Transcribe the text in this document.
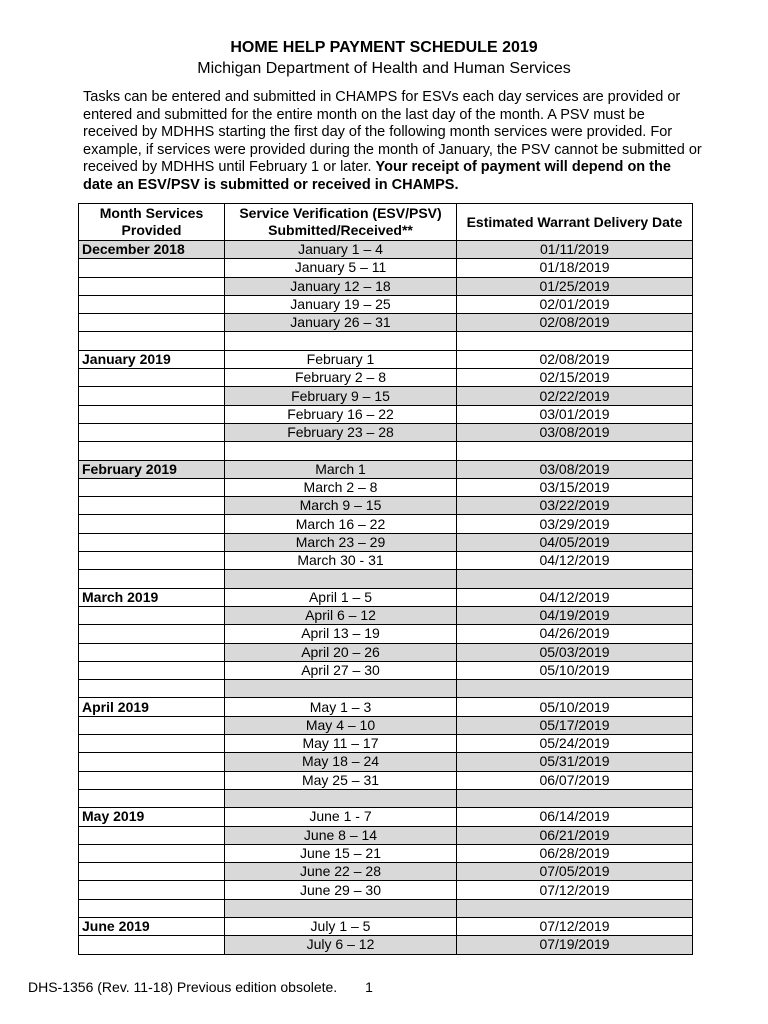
HOME HELP PAYMENT SCHEDULE 2019
Michigan Department of Health and Human Services
Tasks can be entered and submitted in CHAMPS for ESVs each day services are provided or entered and submitted for the entire month on the last day of the month. A PSV must be received by MDHHS starting the first day of the following month services were provided. For example, if services were provided during the month of January, the PSV cannot be submitted or received by MDHHS until February 1 or later. Your receipt of payment will depend on the date an ESV/PSV is submitted or received in CHAMPS.
Month Services Provided	Service Verification (ESV/PSV) Submitted/Received**	Estimated Warrant Delivery Date
December 2018	January 1 – 4	01/11/2019
	January 5 – 11	01/18/2019
	January 12 – 18	01/25/2019
	January 19 – 25	02/01/2019
	January 26 – 31	02/08/2019

January 2019	February 1	02/08/2019
	February 2 – 8	02/15/2019
	February 9 – 15	02/22/2019
	February 16 – 22	03/01/2019
	February 23 – 28	03/08/2019

February 2019	March 1	03/08/2019
	March 2 – 8	03/15/2019
	March 9 – 15	03/22/2019
	March 16 – 22	03/29/2019
	March 23 – 29	04/05/2019
	March 30 - 31	04/12/2019

March 2019	April 1 – 5	04/12/2019
	April 6 – 12	04/19/2019
	April 13 – 19	04/26/2019
	April 20 – 26	05/03/2019
	April 27 – 30	05/10/2019

April 2019	May 1 – 3	05/10/2019
	May 4 – 10	05/17/2019
	May 11 – 17	05/24/2019
	May 18 – 24	05/31/2019
	May 25 – 31	06/07/2019

May 2019	June 1 - 7	06/14/2019
	June 8 – 14	06/21/2019
	June 15 – 21	06/28/2019
	June 22 – 28	07/05/2019
	June 29 – 30	07/12/2019

June 2019	July 1 – 5	07/12/2019
	July 6 – 12	07/19/2019
DHS-1356 (Rev. 11-18) Previous edition obsolete. 1
